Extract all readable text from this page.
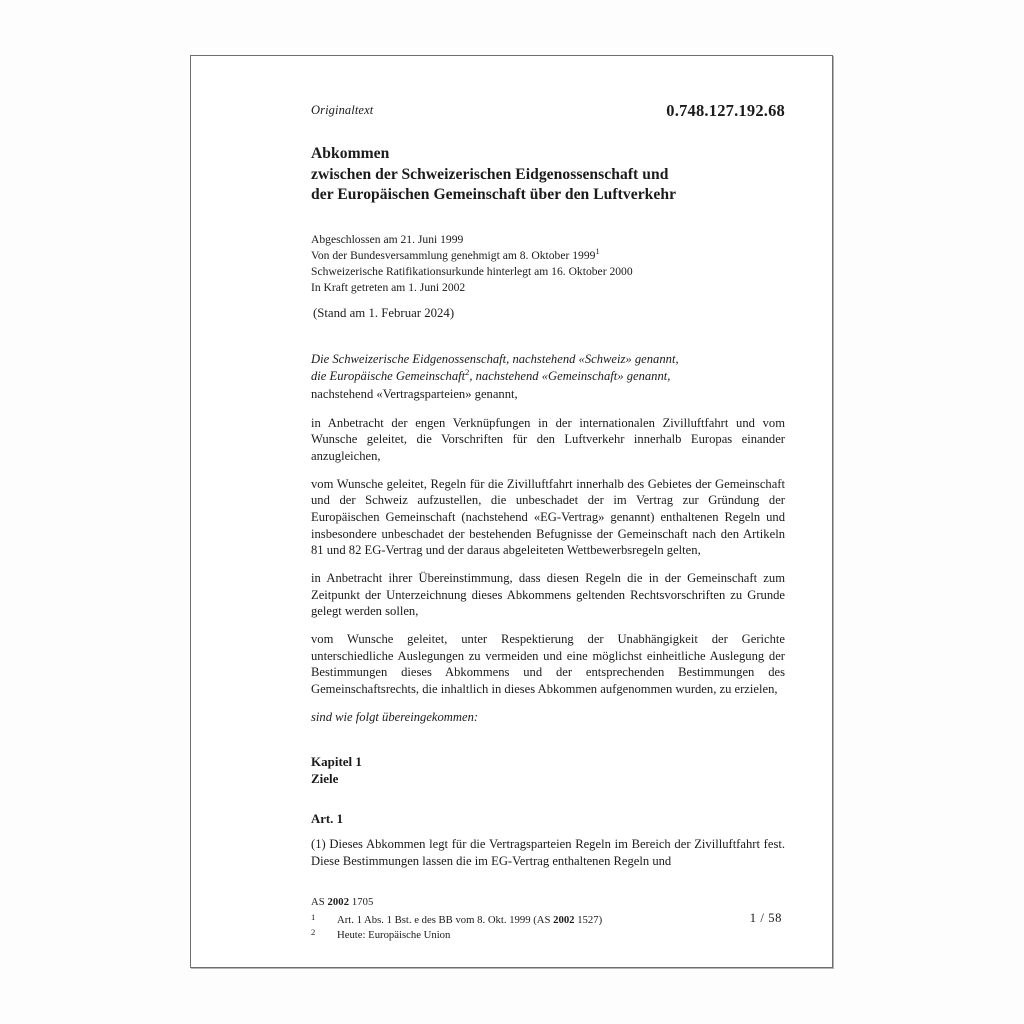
Originaltext	0.748.127.192.68
Abkommen
zwischen der Schweizerischen Eidgenossenschaft und
der Europäischen Gemeinschaft über den Luftverkehr
Abgeschlossen am 21. Juni 1999
Von der Bundesversammlung genehmigt am 8. Oktober 1999$^1$
Schweizerische Ratifikationsurkunde hinterlegt am 16. Oktober 2000
In Kraft getreten am 1. Juni 2002
(Stand am 1. Februar 2024)

Die Schweizerische Eidgenossenschaft, nachstehend «Schweiz» genannt,

die Europäische Gemeinschaft$^2$, nachstehend «Gemeinschaft» genannt,

nachstehend «Vertragsparteien» genannt,

in Anbetracht der engen Verknüpfungen in der internationalen Zivilluftfahrt und vom Wunsche geleitet, die Vorschriften für den Luftverkehr innerhalb Europas einander anzugleichen,

vom Wunsche geleitet, Regeln für die Zivilluftfahrt innerhalb des Gebietes der Gemeinschaft und der Schweiz aufzustellen, die unbeschadet der im Vertrag zur Gründung der Europäischen Gemeinschaft (nachstehend «EG-Vertrag» genannt) enthaltenen Regeln und insbesondere unbeschadet der bestehenden Befugnisse der Gemeinschaft nach den Artikeln 81 und 82 EG-Vertrag und der daraus abgeleiteten Wettbewerbsregeln gelten,

in Anbetracht ihrer Übereinstimmung, dass diesen Regeln die in der Gemeinschaft zum Zeitpunkt der Unterzeichnung dieses Abkommens geltenden Rechtsvorschriften zu Grunde gelegt werden sollen,

vom Wunsche geleitet, unter Respektierung der Unabhängigkeit der Gerichte unterschiedliche Auslegungen zu vermeiden und eine möglichst einheitliche Auslegung der Bestimmungen dieses Abkommens und der entsprechenden Bestimmungen des Gemeinschaftsrechts, die inhaltlich in dieses Abkommen aufgenommen wurden, zu erzielen,

sind wie folgt übereingekommen:

Kapitel 1
Ziele
Art. 1

(1) Dieses Abkommen legt für die Vertragsparteien Regeln im Bereich der Zivilluftfahrt fest. Diese Bestimmungen lassen die im EG-Vertrag enthaltenen Regeln und

AS 2002 1705
1	Art. 1 Abs. 1 Bst. e des BB vom 8. Okt. 1999 (AS 2002 1527)
2	Heute: Europäische Union
1 / 58
